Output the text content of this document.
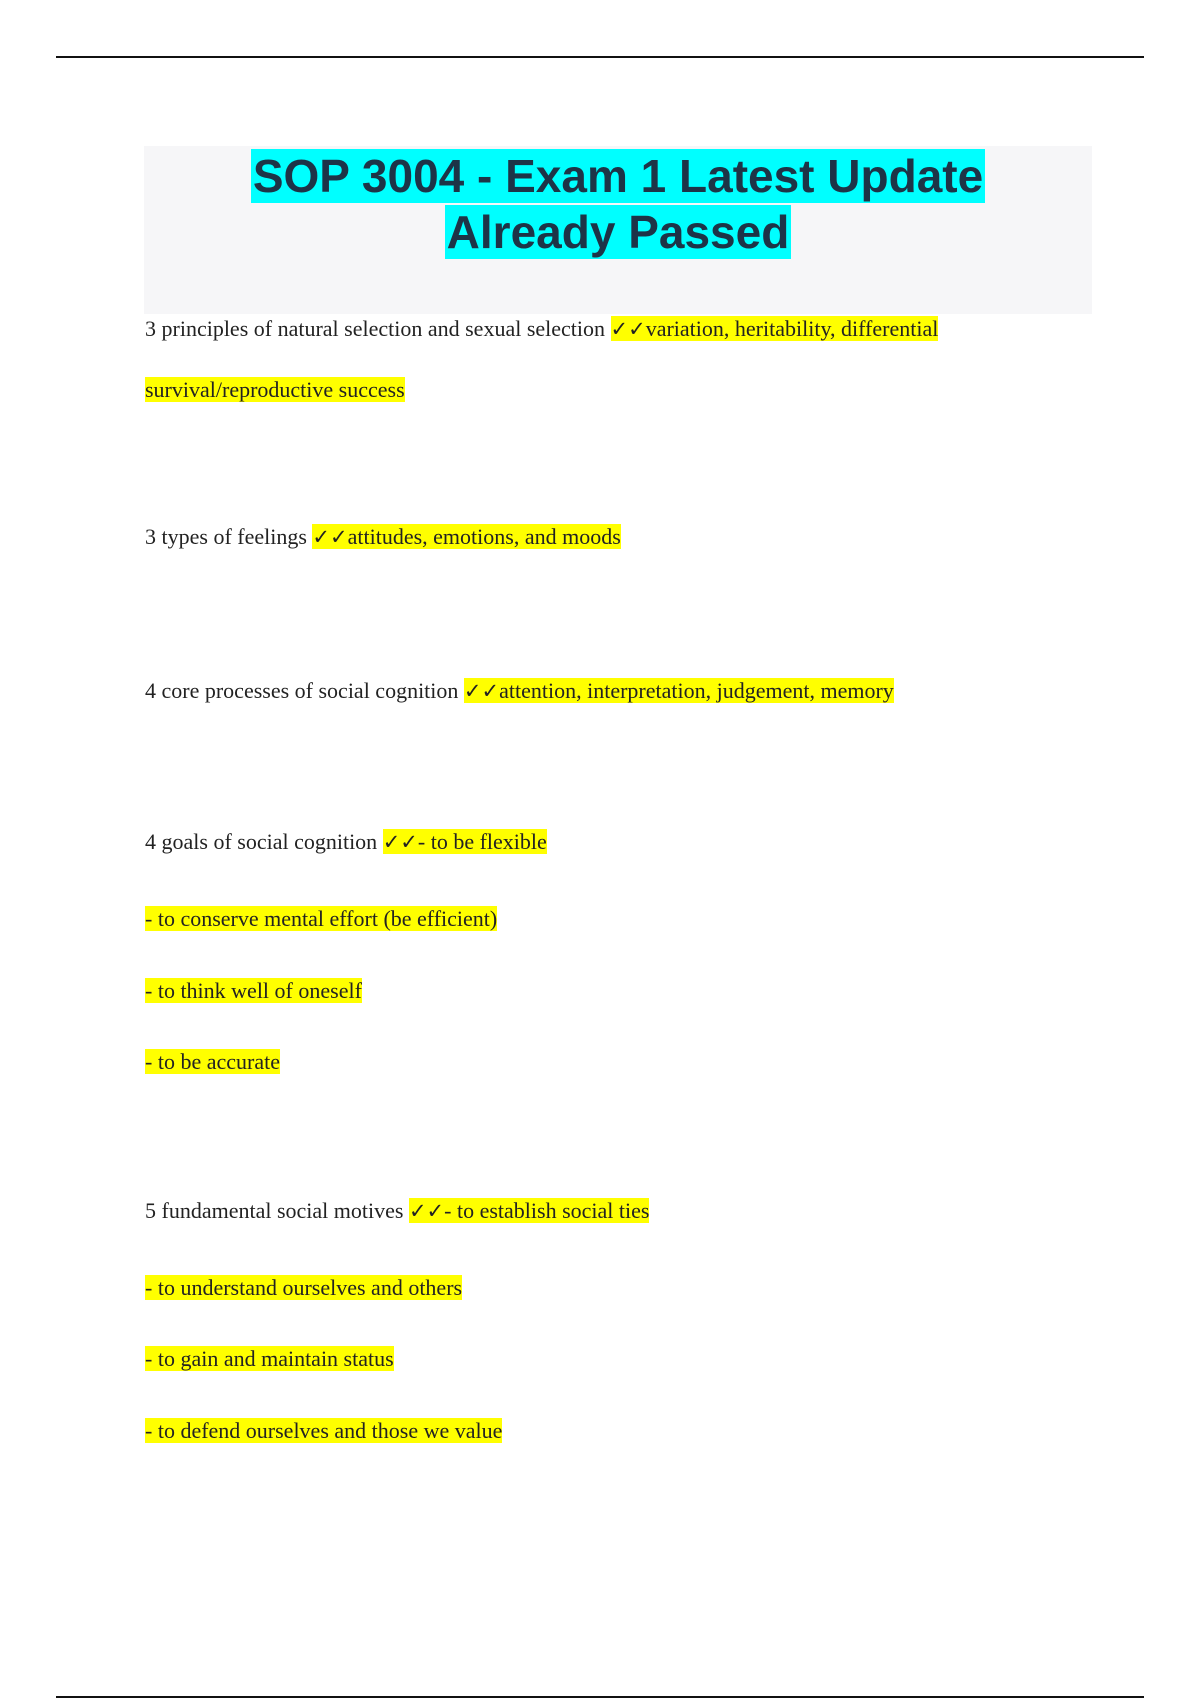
SOP 3004 - Exam 1 Latest Update
Already Passed
3 principles of natural selection and sexual selection ✓✓variation, heritability, differential
survival/reproductive success
3 types of feelings ✓✓attitudes, emotions, and moods
4 core processes of social cognition ✓✓attention, interpretation, judgement, memory
4 goals of social cognition ✓✓- to be flexible
- to conserve mental effort (be efficient)
- to think well of oneself
- to be accurate
5 fundamental social motives ✓✓- to establish social ties
- to understand ourselves and others
- to gain and maintain status
- to defend ourselves and those we value
